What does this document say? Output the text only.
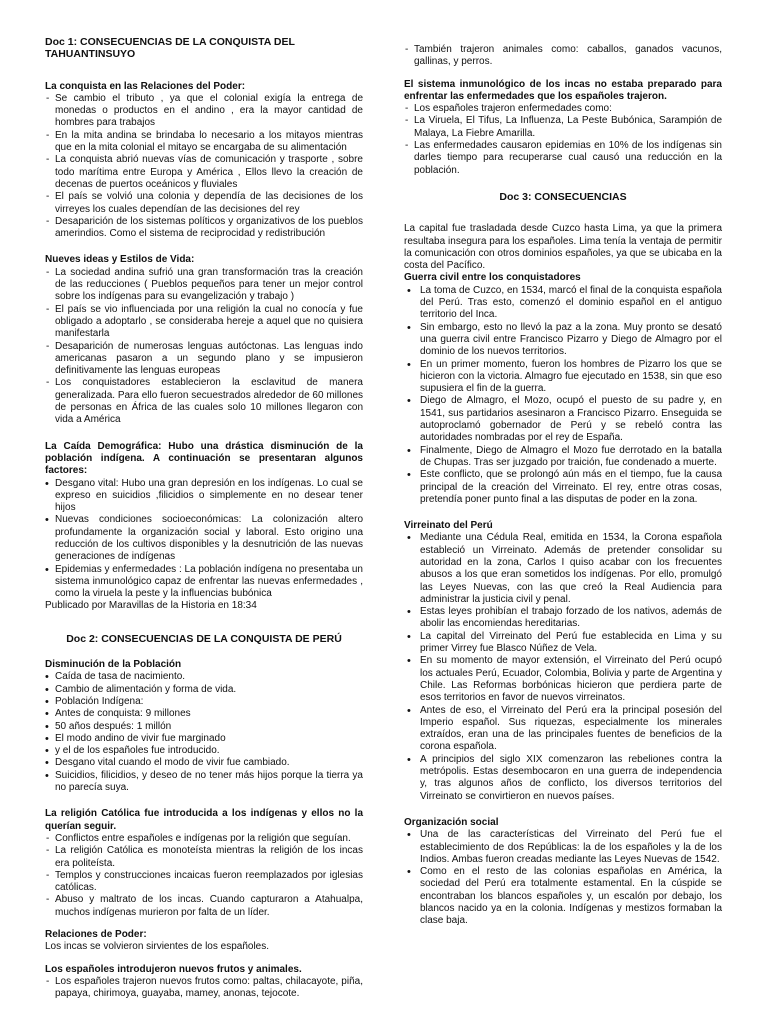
Doc 1: CONSECUENCIAS DE LA CONQUISTA DEL TAHUANTINSUYO

La conquista en las Relaciones del Poder:

- Se cambio el tributo , ya que el colonial exigía la entrega de monedas o productos en el andino , era la mayor cantidad de hombres para trabajos
- En la mita andina se brindaba lo necesario a los mitayos mientras que en la mita colonial el mitayo se encargaba de su alimentación
- La conquista abrió nuevas vías de comunicación y trasporte , sobre todo marítima entre Europa y América , Ellos llevo la creación de decenas de puertos oceánicos y fluviales
- El país se volvió una colonia y dependía de las decisiones de los virreyes los cuales dependían de las decisiones del rey
- Desaparición de los sistemas políticos y organizativos de los pueblos amerindios. Como el sistema de reciprocidad y redistribución

Nueves ideas y Estilos de Vida:

- La sociedad andina sufrió una gran transformación tras la creación de las reducciones ( Pueblos pequeños para tener un mejor control sobre los indígenas para su evangelización y trabajo )
- El país se vio influenciada por una religión la cual no conocía y fue obligado a adoptarlo , se consideraba hereje a aquel que no quisiera manifestarla
- Desaparición de numerosas lenguas autóctonas. Las lenguas indo americanas pasaron a un segundo plano y se impusieron definitivamente las lenguas europeas
- Los conquistadores establecieron la esclavitud de manera generalizada. Para ello fueron secuestrados alrededor de 60 millones de personas en África de las cuales solo 10 millones llegaron con vida a América

La Caída Demográfica: Hubo una drástica disminución de la población indígena. A continuación se presentaran algunos factores:

• Desgano vital: Hubo una gran depresión en los indígenas. Lo cual se expreso en suicidios ,filicidios o simplemente en no desear tener hijos
• Nuevas condiciones socioeconómicas: La colonización altero profundamente la organización social y laboral. Esto origino una reducción de los cultivos disponibles y la desnutrición de las nuevas generaciones de indígenas
• Epidemias y enfermedades : La población indígena no presentaba un sistema inmunológico capaz de enfrentar las nuevas enfermedades , como la viruela la peste y la influencias bubónica

Publicado por Maravillas de la Historia en 18:34

Doc 2: CONSECUENCIAS DE LA CONQUISTA DE PERÚ

Disminución de la Población

• Caída de tasa de nacimiento.
• Cambio de alimentación y forma de vida.
• Población Indígena:
• Antes de conquista: 9 millones
• 50 años después: 1 millón
• El modo andino de vivir fue marginado
• y el de los españoles fue introducido.
• Desgano vital cuando el modo de vivir fue cambiado.
• Suicidios, filicidios, y deseo de no tener más hijos porque la tierra ya no parecía suya.

La religión Católica fue introducida a los indígenas y ellos no la querían seguir.

- Conflictos entre españoles e indígenas por la religión que seguían.
- La religión Católica es monoteísta mientras la religión de los incas era politeísta.
- Templos y construcciones incaicas fueron reemplazados por iglesias católicas.
- Abuso y maltrato de los incas. Cuando capturaron a Atahualpa, muchos indígenas murieron por falta de un líder.

Relaciones de Poder:

Los incas se volvieron sirvientes de los españoles.

Los españoles introdujeron nuevos frutos y animales.

- Los españoles trajeron nuevos frutos como: paltas, chilacayote, piña, papaya, chirimoya, guayaba, mamey, anonas, tejocote.
- También trajeron animales como: caballos, ganados vacunos, gallinas, y perros.

El sistema inmunológico de los incas no estaba preparado para enfrentar las enfermedades que los españoles trajeron.

- Los españoles trajeron enfermedades como:
- La Viruela, El Tifus, La Influenza, La Peste Bubónica, Sarampión de Malaya, La Fiebre Amarilla.
- Las enfermedades causaron epidemias en 10% de los indígenas sin darles tiempo para recuperarse cual causó una reducción en la población.
Doc 3: CONSECUENCIAS

La capital fue trasladada desde Cuzco hasta Lima, ya que la primera resultaba insegura para los españoles. Lima tenía la ventaja de permitir la comunicación con otros dominios españoles, ya que se ubicaba en la costa del Pacífico.

Guerra civil entre los conquistadores

• La toma de Cuzco, en 1534, marcó el final de la conquista española del Perú. Tras esto, comenzó el dominio español en el antiguo territorio del Inca.
• Sin embargo, esto no llevó la paz a la zona. Muy pronto se desató una guerra civil entre Francisco Pizarro y Diego de Almagro por el dominio de los nuevos territorios.
• En un primer momento, fueron los hombres de Pizarro los que se hicieron con la victoria. Almagro fue ejecutado en 1538, sin que eso supusiera el fin de la guerra.
• Diego de Almagro, el Mozo, ocupó el puesto de su padre y, en 1541, sus partidarios asesinaron a Francisco Pizarro. Enseguida se autoproclamó gobernador de Perú y se rebeló contra las autoridades nombradas por el rey de España.
• Finalmente, Diego de Almagro el Mozo fue derrotado en la batalla de Chupas. Tras ser juzgado por traición, fue condenado a muerte.
• Este conflicto, que se prolongó aún más en el tiempo, fue la causa principal de la creación del Virreinato. El rey, entre otras cosas, pretendía poner punto final a las disputas de poder en la zona.

Virreinato del Perú

• Mediante una Cédula Real, emitida en 1534, la Corona española estableció un Virreinato. Además de pretender consolidar su autoridad en la zona, Carlos I quiso acabar con los frecuentes abusos a los que eran sometidos los indígenas. Por ello, promulgó las Leyes Nuevas, con las que creó la Real Audiencia para administrar la justicia civil y penal.
• Estas leyes prohibían el trabajo forzado de los nativos, además de abolir las encomiendas hereditarias.
• La capital del Virreinato del Perú fue establecida en Lima y su primer Virrey fue Blasco Núñez de Vela.
• En su momento de mayor extensión, el Virreinato del Perú ocupó los actuales Perú, Ecuador, Colombia, Bolivia y parte de Argentina y Chile. Las Reformas borbónicas hicieron que perdiera parte de esos territorios en favor de nuevos virreinatos.
• Antes de eso, el Virreinato del Perú era la principal posesión del Imperio español. Sus riquezas, especialmente los minerales extraídos, eran una de las principales fuentes de beneficios de la corona española.
• A principios del siglo XIX comenzaron las rebeliones contra la metrópolis. Estas desembocaron en una guerra de independencia y, tras algunos años de conflicto, los diversos territorios del Virreinato se convirtieron en nuevos países.

Organización social

• Una de las características del Virreinato del Perú fue el establecimiento de dos Repúblicas: la de los españoles y la de los Indios. Ambas fueron creadas mediante las Leyes Nuevas de 1542.
• Como en el resto de las colonias españolas en América, la sociedad del Perú era totalmente estamental. En la cúspide se encontraban los blancos españoles y, un escalón por debajo, los blancos nacido ya en la colonia. Indígenas y mestizos formaban la clase baja.
